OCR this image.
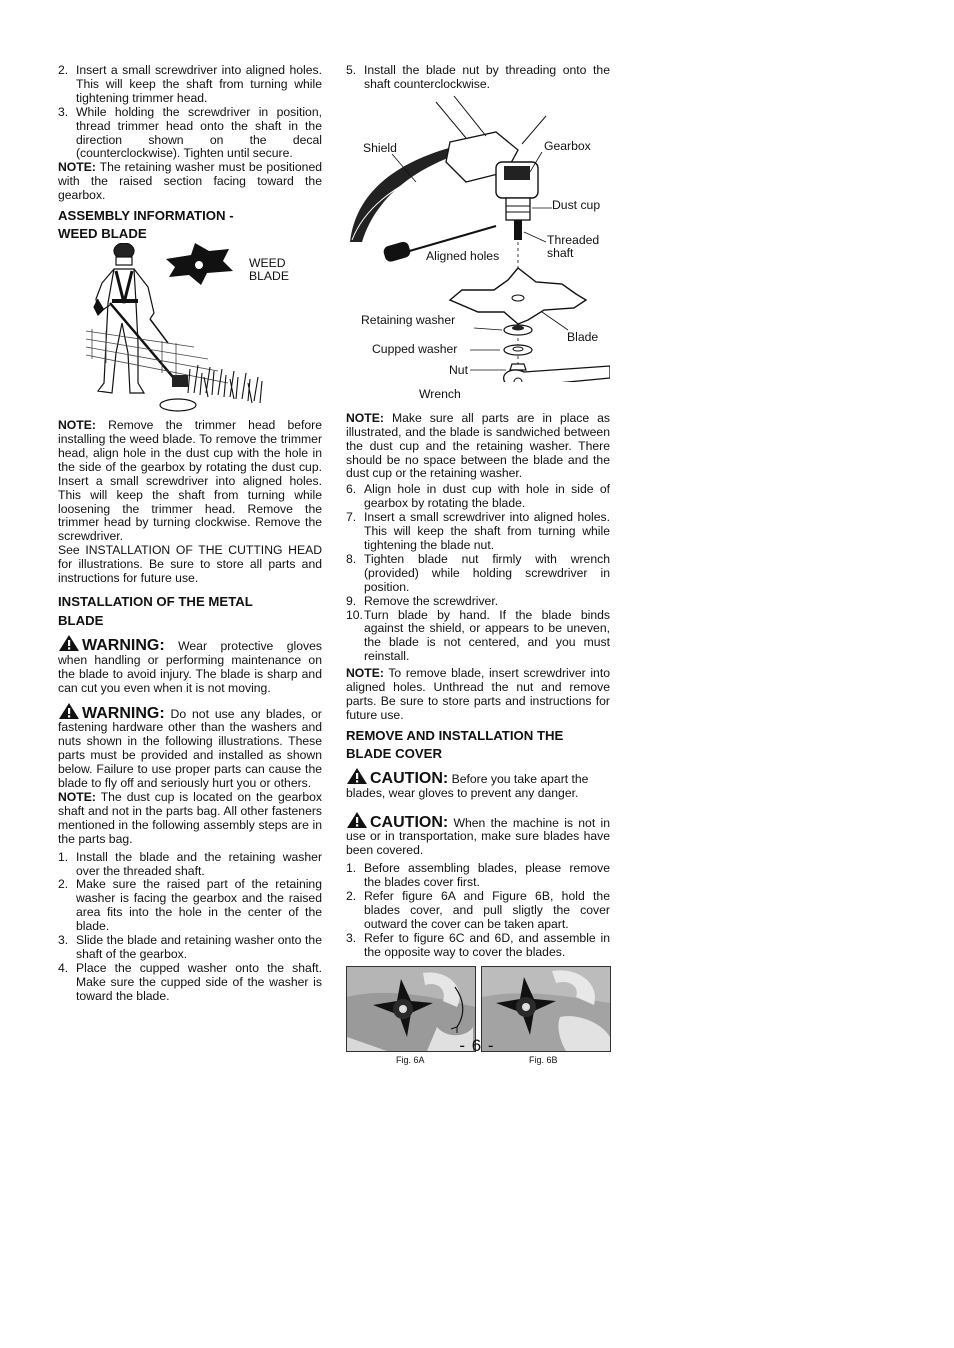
2. Insert a small screwdriver into aligned holes. This will keep the shaft from turning while tightening trimmer head.
3. While holding the screwdriver in position, thread trimmer head onto the shaft in the direction shown on the decal (counterclockwise). Tighten until secure.

NOTE: The retaining washer must be positioned with the raised section facing toward the gearbox.

ASSEMBLY INFORMATION -
WEED BLADE
WEED
BLADE

NOTE: Remove the trimmer head before installing the weed blade. To remove the trimmer head, align hole in the dust cup with the hole in the side of the gearbox by rotating the dust cup. Insert a small screwdriver into aligned holes. This will keep the shaft from turning while loosening the trimmer head. Remove the trimmer head by turning clockwise. Remove the screwdriver.

See INSTALLATION OF THE CUTTING HEAD for illustrations. Be sure to store all parts and instructions for future use.

INSTALLATION OF THE METAL
BLADE

WARNING: Wear protective gloves when handling or performing maintenance on the blade to avoid injury. The blade is sharp and can cut you even when it is not moving.

WARNING: Do not use any blades, or fastening hardware other than the washers and nuts shown in the following illustrations. These parts must be provided and installed as shown below. Failure to use proper parts can cause the blade to fly off and seriously hurt you or others.

NOTE: The dust cup is located on the gearbox shaft and not in the parts bag. All other fasteners mentioned in the following assembly steps are in the parts bag.

1. Install the blade and the retaining washer over the threaded shaft.
2. Make sure the raised part of the retaining washer is facing the gearbox and the raised area fits into the hole in the center of the blade.
3. Slide the blade and retaining washer onto the shaft of the gearbox.
4. Place the cupped washer onto the shaft. Make sure the cupped side of the washer is toward the blade.
5. Install the blade nut by threading onto the shaft counterclockwise.
Shield	Gearbox
Dust cup
Threaded
shaft
Aligned holes
Retaining washer
Blade
Cupped washer
Nut
Wrench

NOTE: Make sure all parts are in place as illustrated, and the blade is sandwiched between the dust cup and the retaining washer. There should be no space between the blade and the dust cup or the retaining washer.

6. Align hole in dust cup with hole in side of gearbox by rotating the blade.
7. Insert a small screwdriver into aligned holes. This will keep the shaft from turning while tightening the blade nut.
8. Tighten blade nut firmly with wrench (provided) while holding screwdriver in position.
9. Remove the screwdriver.
10. Turn blade by hand. If the blade binds against the shield, or appears to be uneven, the blade is not centered, and you must reinstall.

NOTE: To remove blade, insert screwdriver into aligned holes. Unthread the nut and remove parts. Be sure to store parts and instructions for future use.

REMOVE AND INSTALLATION THE
BLADE COVER

CAUTION: Before you take apart the blades, wear gloves to prevent any danger.

CAUTION: When the machine is not in use or in transportation, make sure blades have been covered.

1. Before assembling blades, please remove the blades cover first.
2. Refer figure 6A and Figure 6B, hold the blades cover, and pull sligtly the cover outward the cover can be taken apart.
3. Refer to figure 6C and 6D, and assemble in the opposite way to cover the blades.
Fig. 6A	Fig. 6B
- 6 -
